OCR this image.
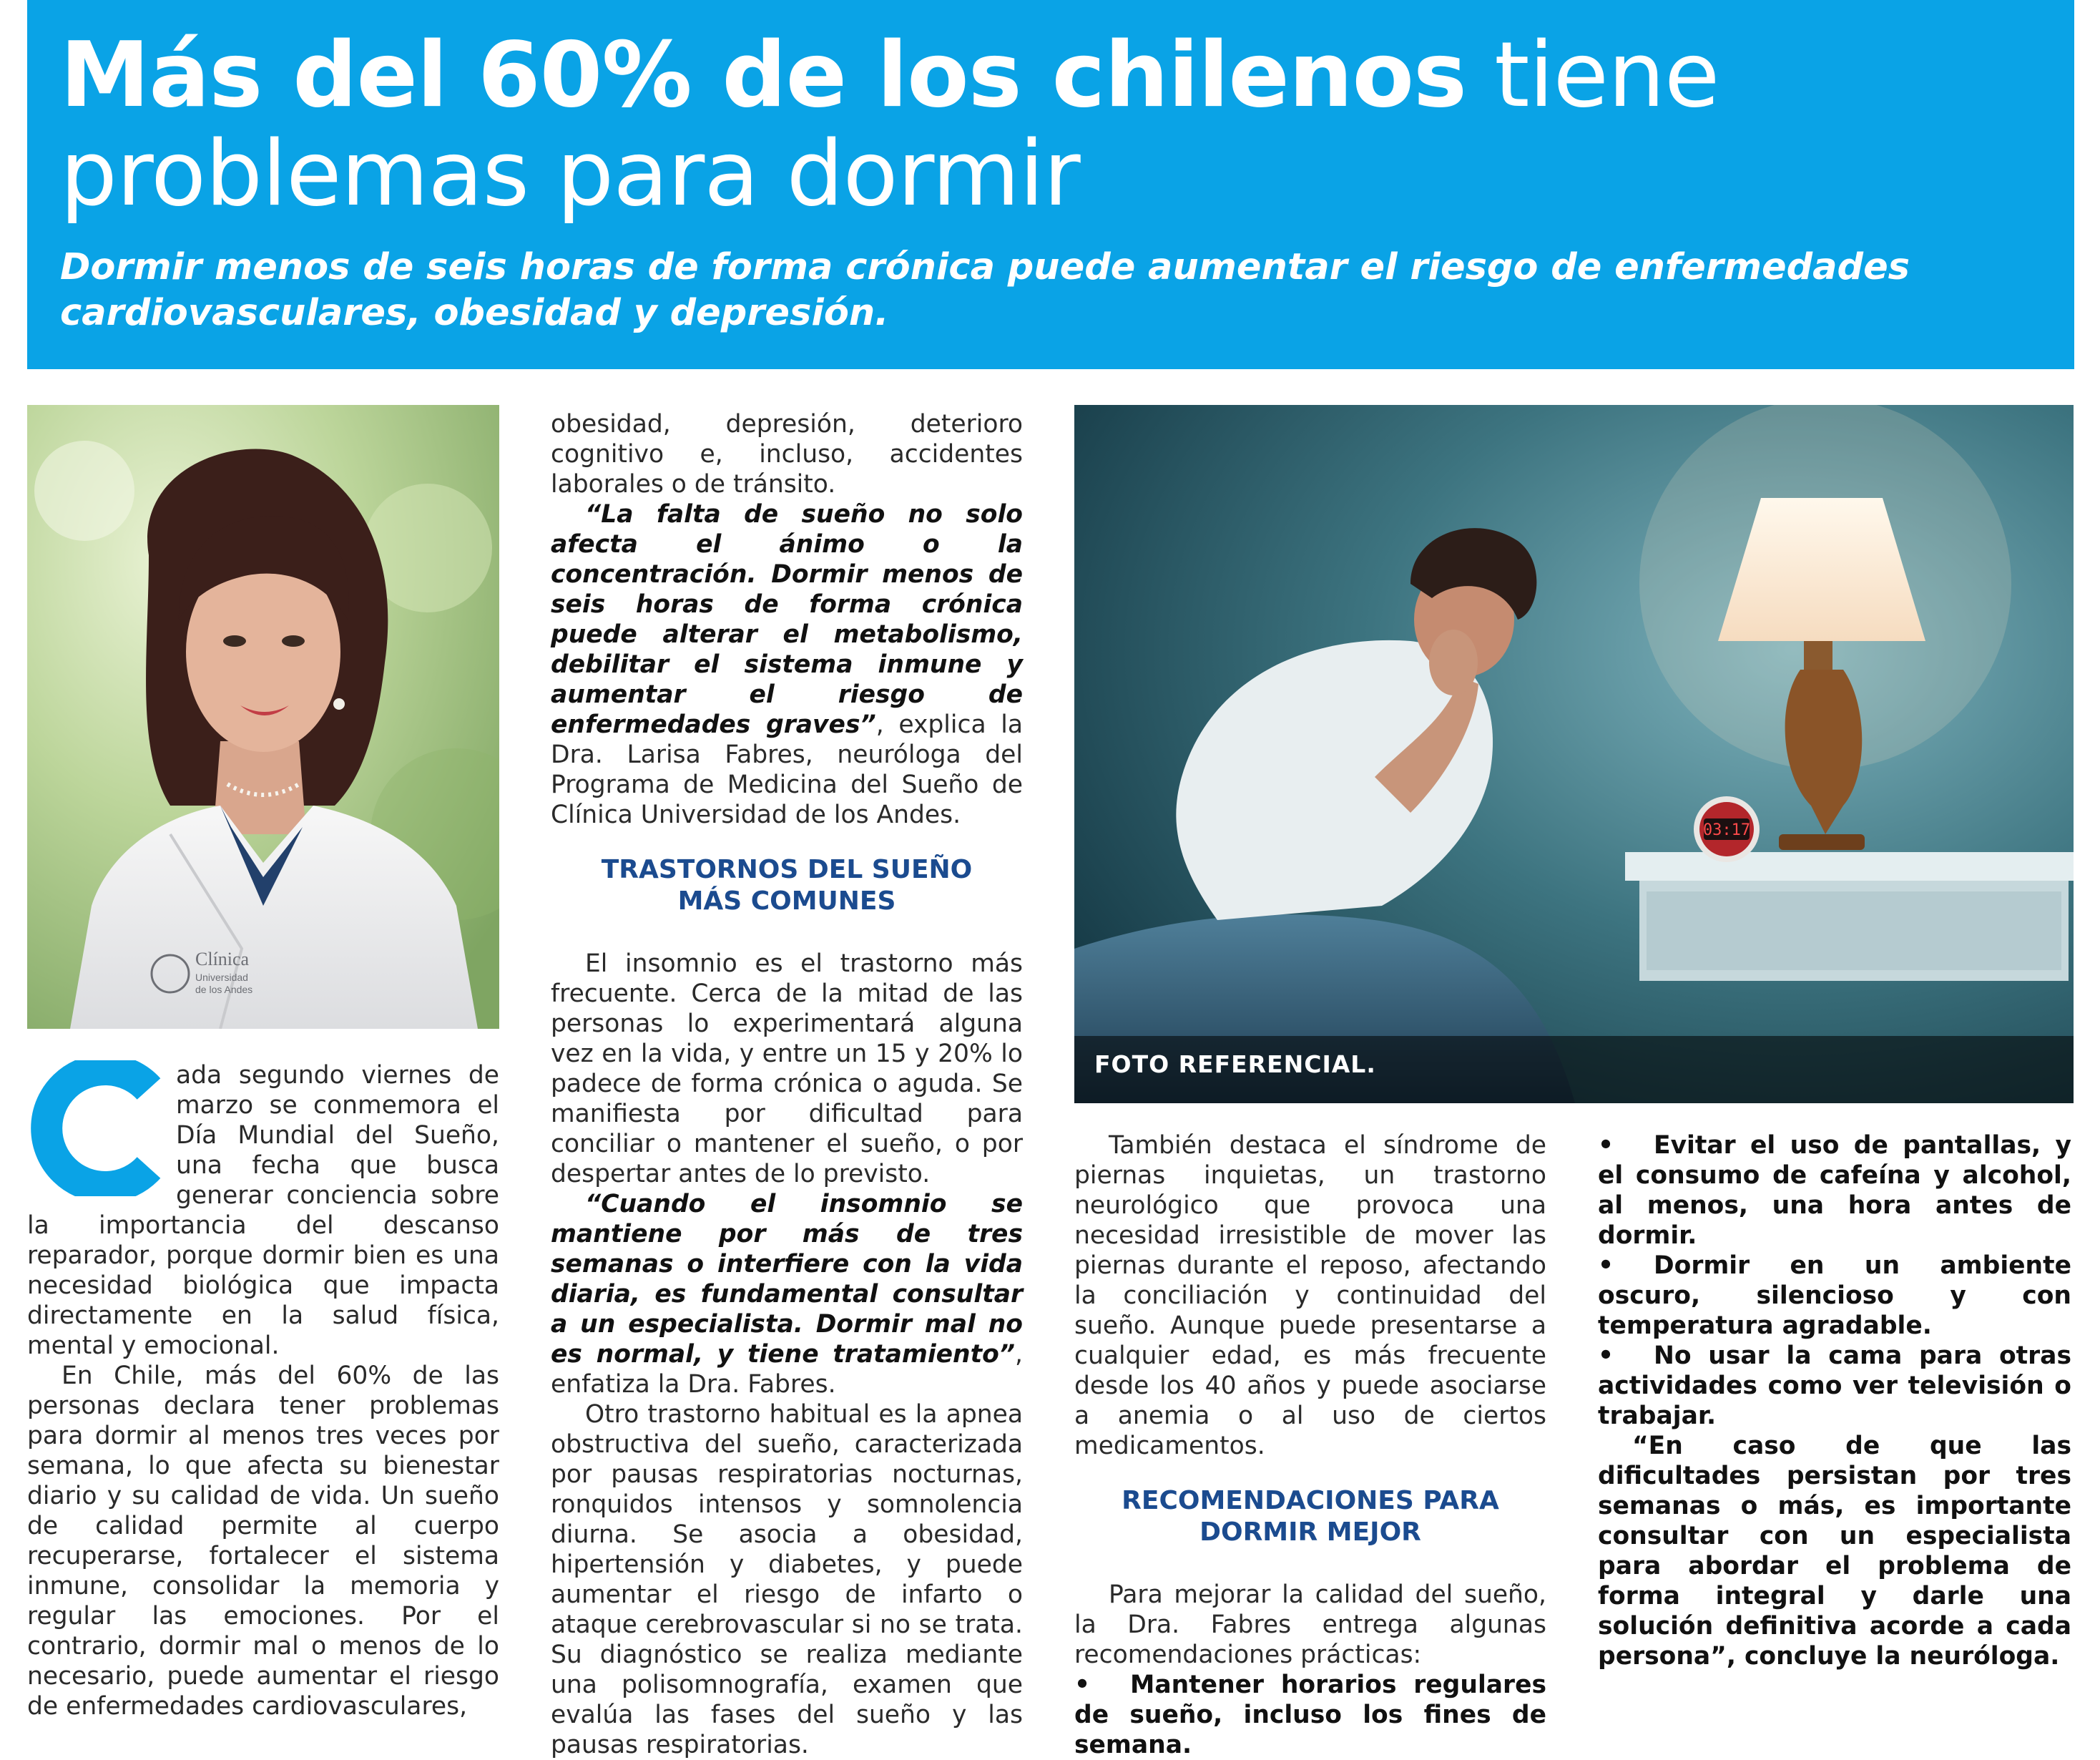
Más del 60% de los chilenos tiene problemas para dormir

Dormir menos de seis horas de forma crónica puede aumentar el riesgo de enfermedades cardiovasculares, obesidad y depresión.

Clínica
Universidad
de los Andes
03:17
FOTO REFERENCIAL.

ada segundo viernes de marzo se conmemora el Día Mundial del Sueño, una fecha que busca generar conciencia sobre la importancia del descanso reparador, porque dormir bien es una necesidad biológica que impacta directamente en la salud física, mental y emocional.

En Chile, más del 60% de las personas declara tener problemas para dormir al menos tres veces por semana, lo que afecta su bienestar diario y su calidad de vida. Un sueño de calidad permite al cuerpo recuperarse, fortalecer el sistema inmune, consolidar la memoria y regular las emociones. Por el contrario, dormir mal o menos de lo necesario, puede aumentar el riesgo de enfermedades cardiovasculares,

obesidad, depresión, deterioro cognitivo e, incluso, accidentes laborales o de tránsito.

“La falta de sueño no solo afecta el ánimo o la concentración. Dormir menos de seis horas de forma crónica puede alterar el metabolismo, debilitar el sistema inmune y aumentar el riesgo de enfermedades graves”, explica la Dra. Larisa Fabres, neuróloga del Programa de Medicina del Sueño de Clínica Universidad de los Andes.

TRASTORNOS DEL SUEÑO
MÁS COMUNES

El insomnio es el trastorno más frecuente. Cerca de la mitad de las personas lo experimentará alguna vez en la vida, y entre un 15 y 20% lo padece de forma crónica o aguda. Se manifiesta por dificultad para conciliar o mantener el sueño, o por despertar antes de lo previsto.

“Cuando el insomnio se mantiene por más de tres semanas o interfiere con la vida diaria, es fundamental consultar a un especialista. Dormir mal no es normal, y tiene tratamiento”, enfatiza la Dra. Fabres.

Otro trastorno habitual es la apnea obstructiva del sueño, caracterizada por pausas respiratorias nocturnas, ronquidos intensos y somnolencia diurna. Se asocia a obesidad, hipertensión y diabetes, y puede aumentar el riesgo de infarto o ataque cerebrovascular si no se trata. Su diagnóstico se realiza mediante una polisomnografía, examen que evalúa las fases del sueño y las pausas respiratorias.

También destaca el síndrome de piernas inquietas, un trastorno neurológico que provoca una necesidad irresistible de mover las piernas durante el reposo, afectando la conciliación y continuidad del sueño. Aunque puede presentarse a cualquier edad, es más frecuente desde los 40 años y puede asociarse a anemia o al uso de ciertos medicamentos.

RECOMENDACIONES PARA
DORMIR MEJOR

Para mejorar la calidad del sueño, la Dra. Fabres entrega algunas recomendaciones prácticas:

• Mantener horarios regulares de sueño, incluso los fines de semana.

• Evitar el uso de pantallas, y el consumo de cafeína y alcohol, al menos, una hora antes de dormir.

• Dormir en un ambiente oscuro, silencioso y con temperatura agradable.

• No usar la cama para otras actividades como ver televisión o trabajar.

“En caso de que las dificultades persistan por tres semanas o más, es importante consultar con un especialista para abordar el problema de forma integral y darle una solución definitiva acorde a cada persona”, concluye la neuróloga.
